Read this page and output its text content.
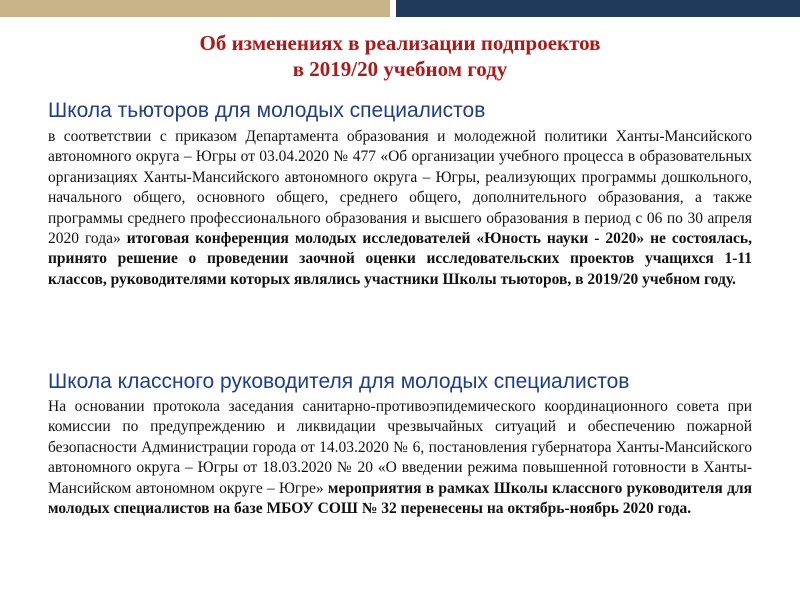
Об изменениях в реализации подпроектов
в 2019/20 учебном году
Школа тьюторов для молодых специалистов
в соответствии с приказом Департамента образования и молодежной политики Ханты-Мансийского автономного округа – Югры от 03.04.2020 № 477 «Об организации учебного процесса в образовательных организациях Ханты-Мансийского автономного округа – Югры, реализующих программы дошкольного, начального общего, основного общего, среднего общего, дополнительного образования, а также программы среднего профессионального образования и высшего образования в период с 06 по 30 апреля 2020 года» итоговая конференция молодых исследователей «Юность науки - 2020» не состоялась, принято решение о проведении заочной оценки исследовательских проектов учащихся 1-11 классов, руководителями которых являлись участники Школы тьюторов, в 2019/20 учебном году.
Школа классного руководителя для молодых специалистов
На основании протокола заседания санитарно-противоэпидемического координационного совета при комиссии по предупреждению и ликвидации чрезвычайных ситуаций и обеспечению пожарной безопасности Администрации города от 14.03.2020 № 6, постановления губернатора Ханты-Мансийского автономного округа – Югры от 18.03.2020 № 20 «О введении режима повышенной готовности в Ханты-Мансийском автономном округе – Югре» мероприятия в рамках Школы классного руководителя для молодых специалистов на базе МБОУ СОШ № 32 перенесены на октябрь-ноябрь 2020 года.
